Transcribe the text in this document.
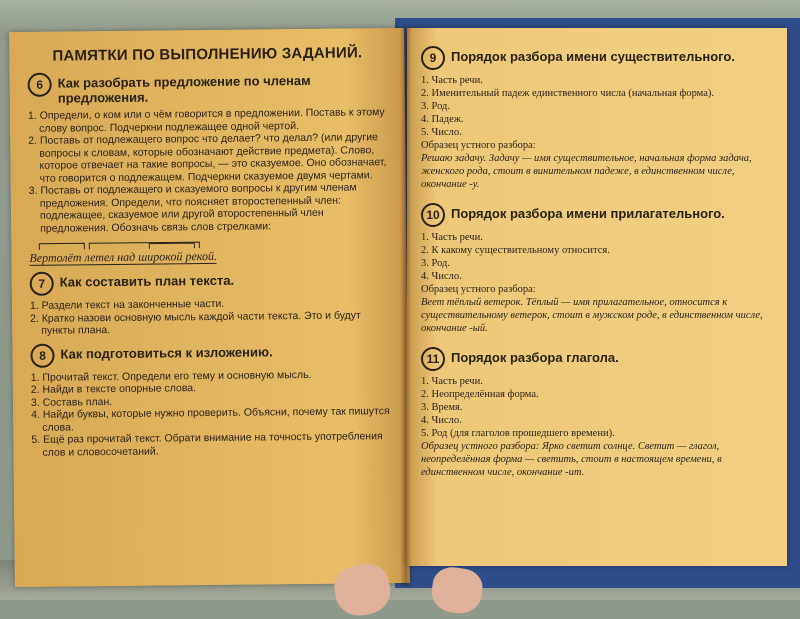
ПАМЯТКИ ПО ВЫПОЛНЕНИЮ ЗАДАНИЙ.
6	Как разобрать предложение по членам предложения.
1. Определи, о ком или о чём говорится в предложении. Поставь к этому слову вопрос. Подчеркни подлежащее одной чертой.
2. Поставь от подлежащего вопрос что делает? что делал? (или другие вопросы к словам, которые обозначают действие предмета). Слово, которое отвечает на такие вопросы, — это сказуемое. Оно обозначает, что говорится о подлежащем. Подчеркни сказуемое двумя чертами.
3. Поставь от подлежащего и сказуемого вопросы к другим членам предложения. Определи, что поясняет второстепенный член: подлежащее, сказуемое или другой второстепенный член предложения. Обозначь связь слов стрелками:
Вертолёт летел над широкой рекой.
7	Как составить план текста.
1. Раздели текст на законченные части.
2. Кратко назови основную мысль каждой части текста. Это и будут пункты плана.
8	Как подготовиться к изложению.
1. Прочитай текст. Определи его тему и основную мысль.
2. Найди в тексте опорные слова.
3. Составь план.
4. Найди буквы, которые нужно проверить. Объясни, почему так пишутся слова.
5. Ещё раз прочитай текст. Обрати внимание на точность употребления слов и словосочетаний.
9	Порядок разбора имени существительного.
1. Часть речи.
2. Именительный падеж единственного числа (начальная форма).
3. Род.
4. Падеж.
5. Число.
Образец устного разбора:
Решаю задачу. Задачу — имя существительное, начальная форма задача, женского рода, стоит в винительном падеже, в единственном числе, окончание -у.
10 Порядок разбора имени прилагательного.
1. Часть речи.
2. К какому существительному относится.
3. Род.
4. Число.
Образец устного разбора:
Веет тёплый ветерок. Тёплый — имя прилагательное, относится к существительному ветерок, стоит в мужском роде, в единственном числе, окончание -ый.
11 Порядок разбора глагола.
1. Часть речи.
2. Неопределённая форма.
3. Время.
4. Число.
5. Род (для глаголов прошедшего времени).
Образец устного разбора: Ярко светит солнце. Светит — глагол, неопределённая форма — светить, стоит в настоящем времени, в единственном числе, окончание -ит.
